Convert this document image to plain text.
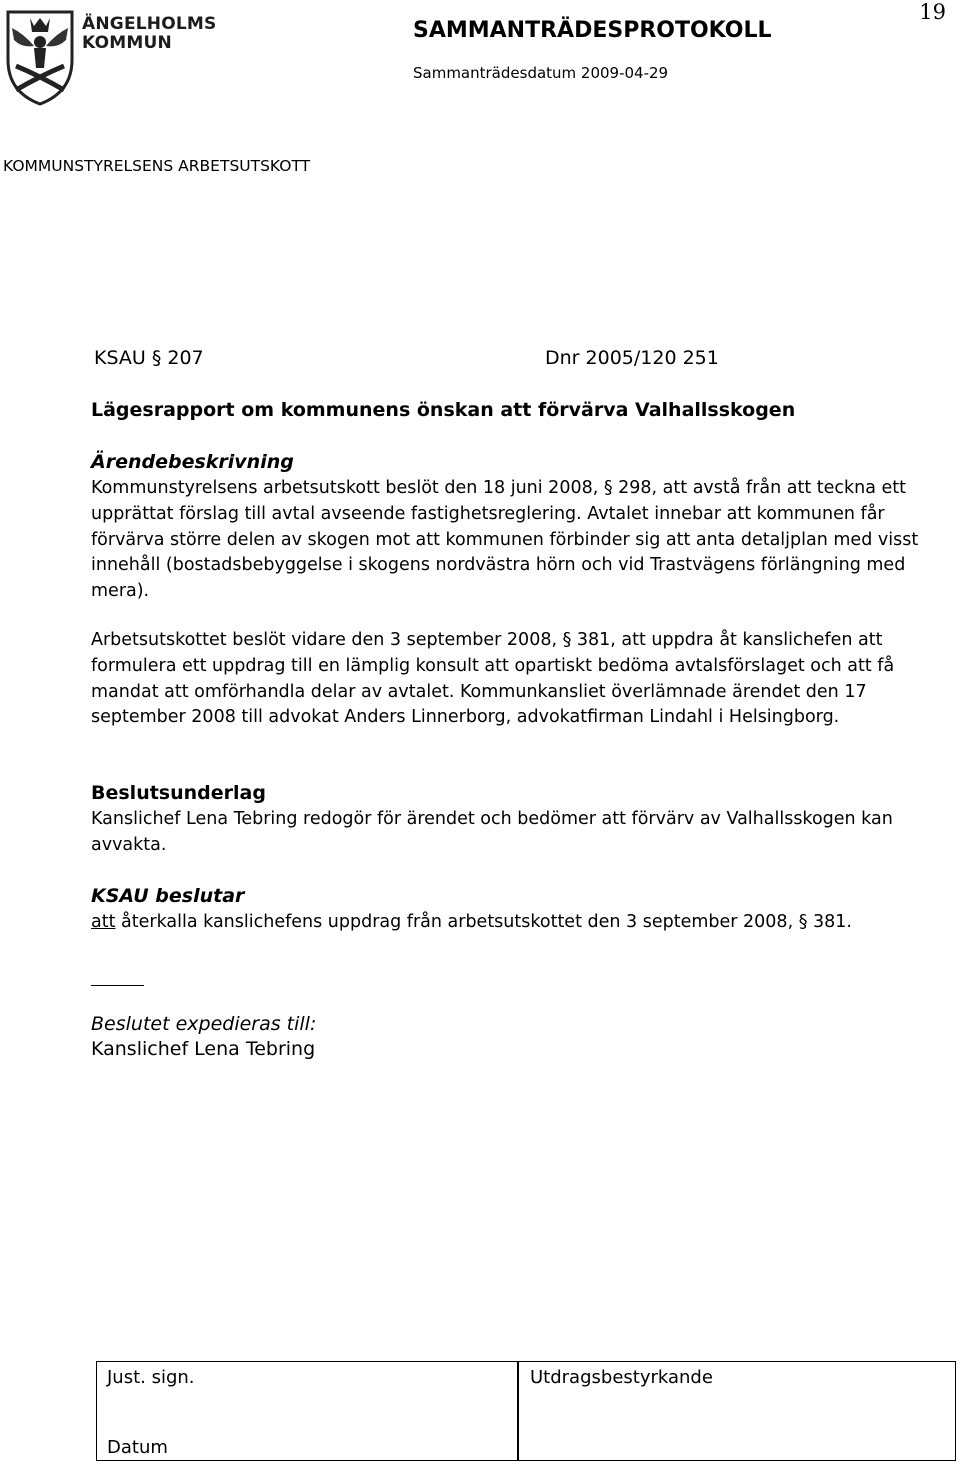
ÄNGELHOLMS
KOMMUN	SAMMANTRÄDESPROTOKOLL
Sammanträdesdatum 2009-04-29
19
KOMMUNSTYRELSENS ARBETSUTSKOTT
KSAU § 207	Dnr 2005/120 251
Lägesrapport om kommunens önskan att förvärva Valhallsskogen
Ärendebeskrivning
Kommunstyrelsens arbetsutskott beslöt den 18 juni 2008, § 298, att avstå från att teckna ett upprättat förslag till avtal avseende fastighetsreglering. Avtalet innebar att kommunen får förvärva större delen av skogen mot att kommunen förbinder sig att anta detaljplan med visst innehåll (bostadsbebyggelse i skogens nordvästra hörn och vid Trastvägens förlängning med mera).
Arbetsutskottet beslöt vidare den 3 september 2008, § 381, att uppdra åt kanslichefen att formulera ett uppdrag till en lämplig konsult att opartiskt bedöma avtalsförslaget och att få mandat att omförhandla delar av avtalet. Kommunkansliet överlämnade ärendet den 17 september 2008 till advokat Anders Linnerborg, advokatfirman Lindahl i Helsingborg.
Beslutsunderlag
Kanslichef Lena Tebring redogör för ärendet och bedömer att förvärv av Valhallsskogen kan avvakta.
KSAU beslutar
att återkalla kanslichefens uppdrag från arbetsutskottet den 3 september 2008, § 381.
Beslutet expedieras till:
Kanslichef Lena Tebring
Just. sign.
Datum
Utdragsbestyrkande
